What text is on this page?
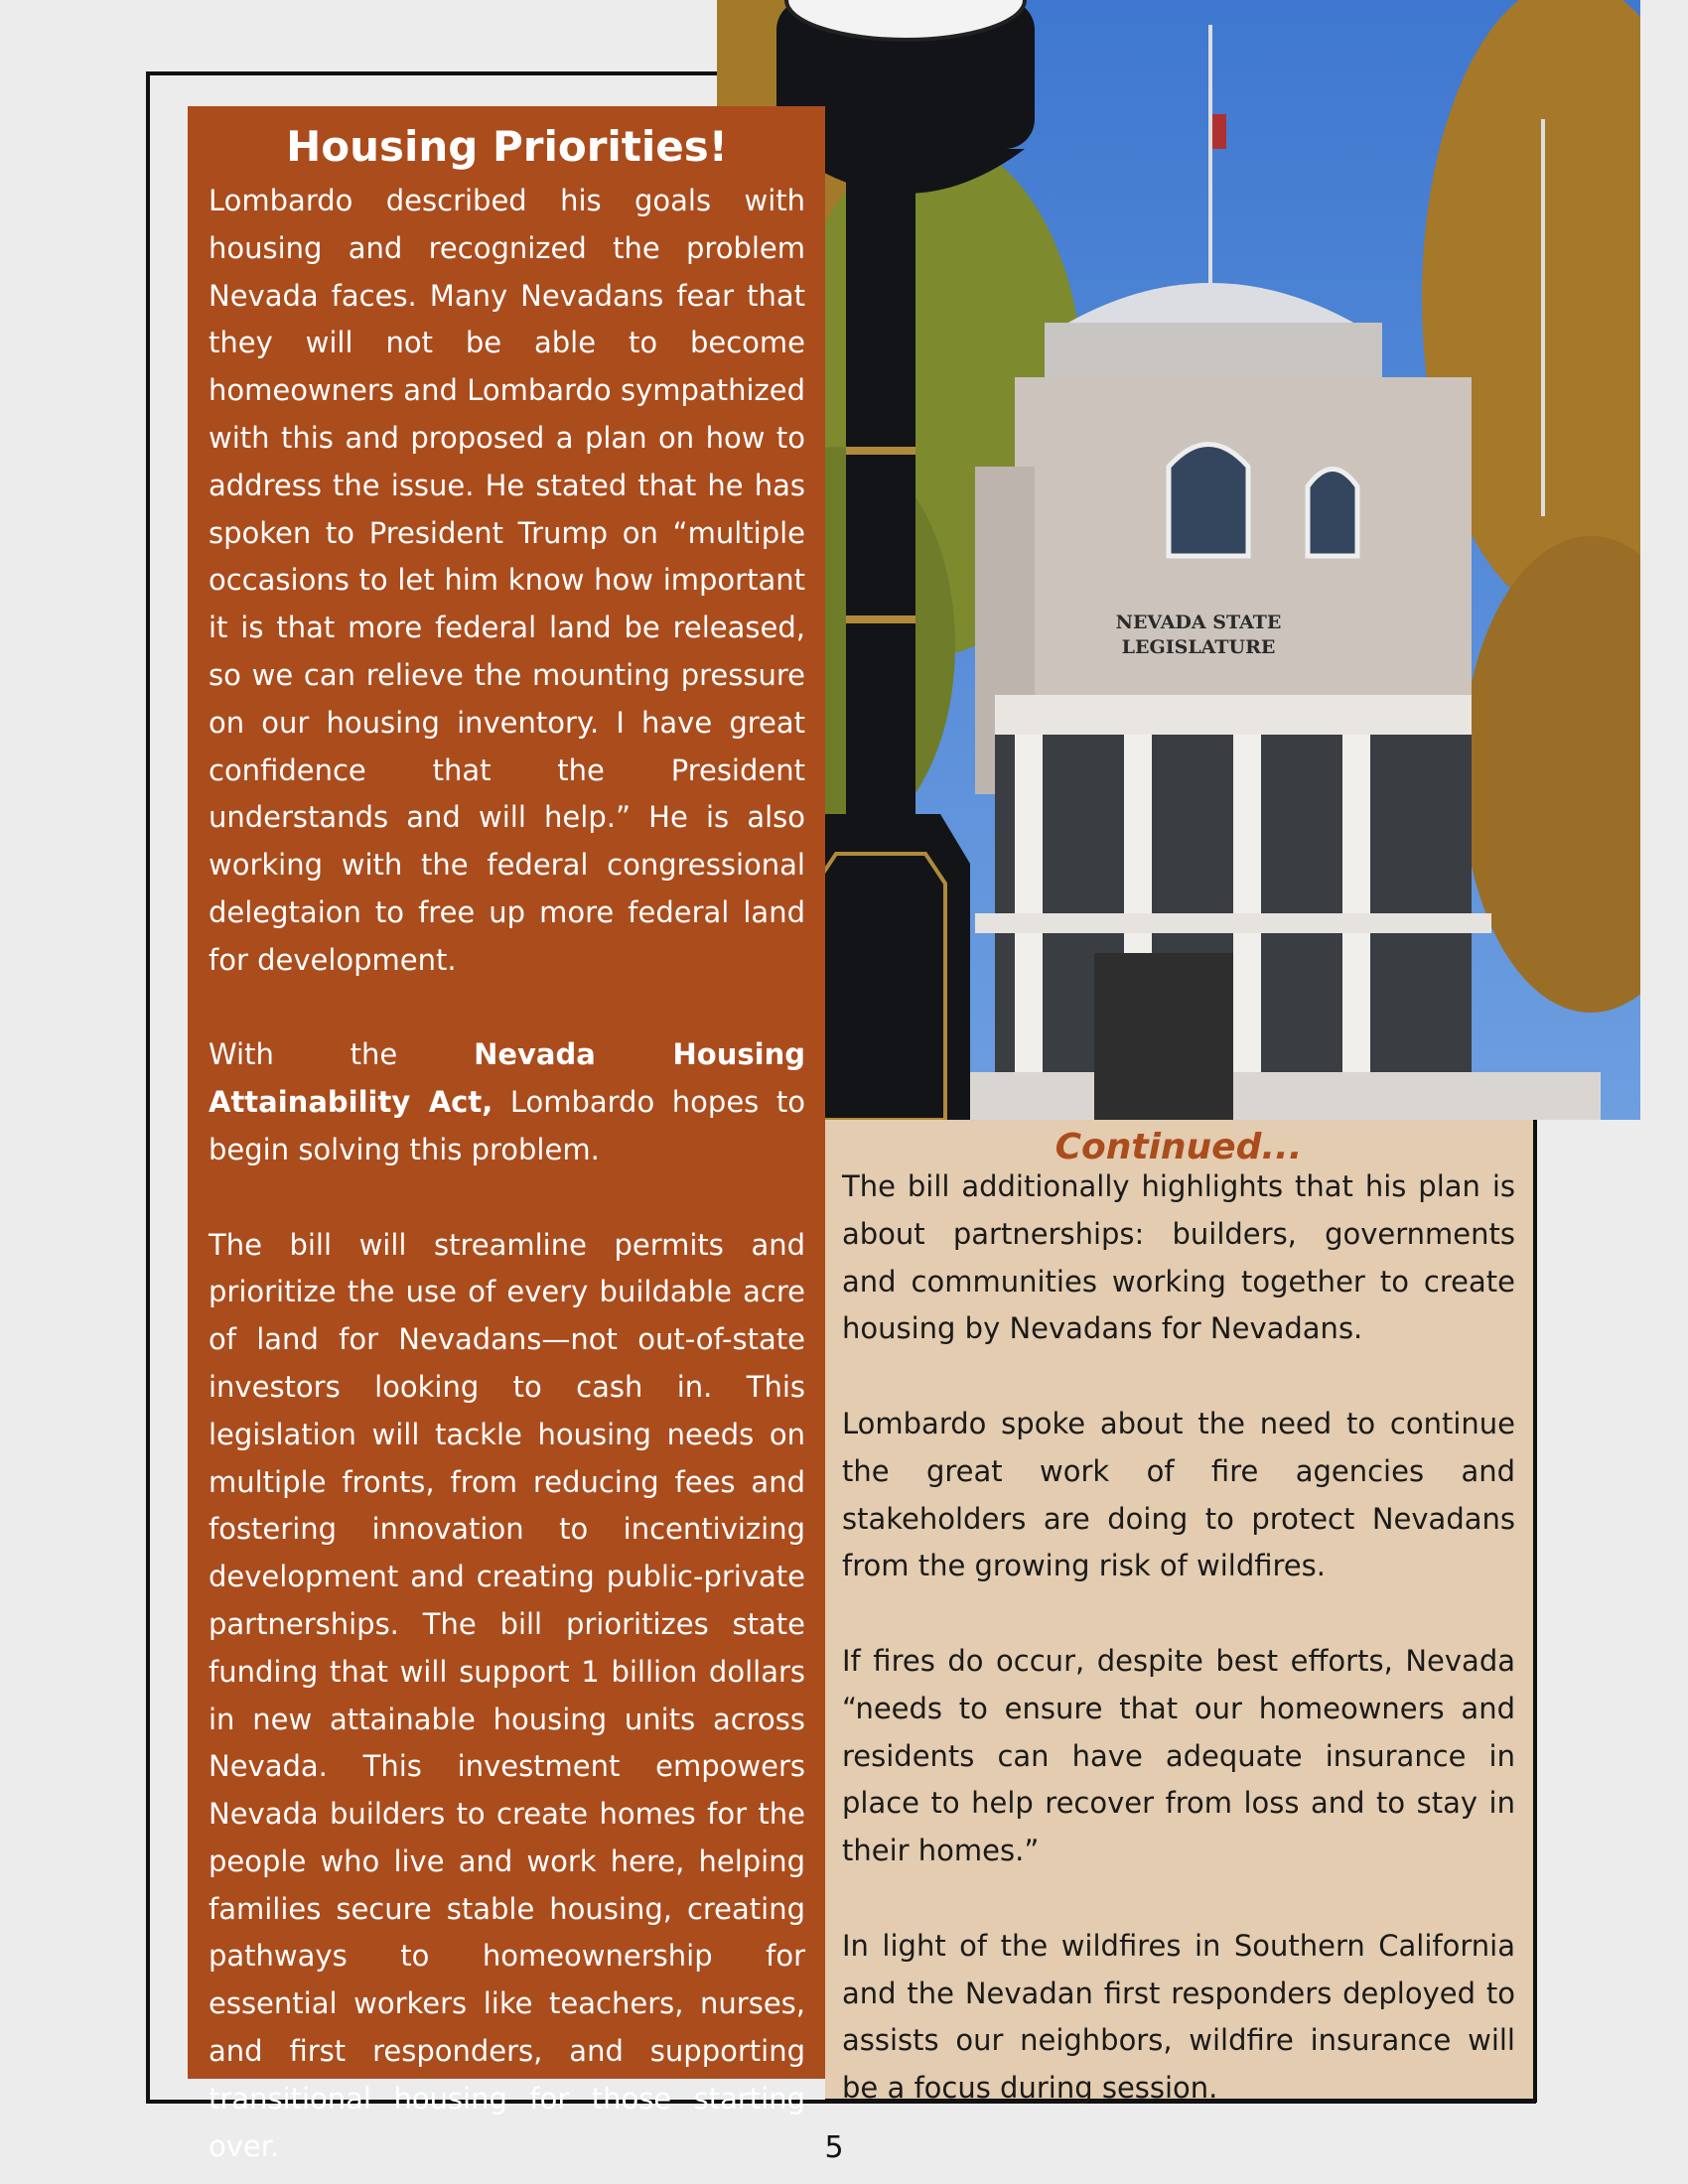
NEVADA STATE
LEGISLATURE
Housing Priorities!

Lombardo described his goals with housing and recognized the problem Nevada faces. Many Nevadans fear that they will not be able to become homeowners and Lombardo sympathized with this and proposed a plan on how to address the issue. He stated that he has spoken to President Trump on “multiple occasions to let him know how important it is that more federal land be released, so we can relieve the mounting pressure on our housing inventory. I have great confidence that the President understands and will help.” He is also working with the federal congressional delegtaion to free up more federal land for development.

With the Nevada Housing Attainability Act, Lombardo hopes to begin solving this problem.

The bill will streamline permits and prioritize the use of every buildable acre of land for Nevadans—not out-of-state investors looking to cash in. This legislation will tackle housing needs on multiple fronts, from reducing fees and fostering innovation to incentivizing development and creating public-private partnerships. The bill prioritizes state funding that will support 1 billion dollars in new attainable housing units across Nevada. This investment empowers Nevada builders to create homes for the people who live and work here, helping families secure stable housing, creating pathways to homeownership for essential workers like teachers, nurses, and first responders, and supporting transitional housing for those starting over.

Continued...

The bill additionally highlights that his plan is about partnerships: builders, governments and communities working together to create housing by Nevadans for Nevadans.

Lombardo spoke about the need to continue the great work of fire agencies and stakeholders are doing to protect Nevadans from the growing risk of wildfires.

If fires do occur, despite best efforts, Nevada “needs to ensure that our homeowners and residents can have adequate insurance in place to help recover from loss and to stay in their homes.”

In light of the wildfires in Southern California and the Nevadan first responders deployed to assists our neighbors, wildfire insurance will be a focus during session.

5
